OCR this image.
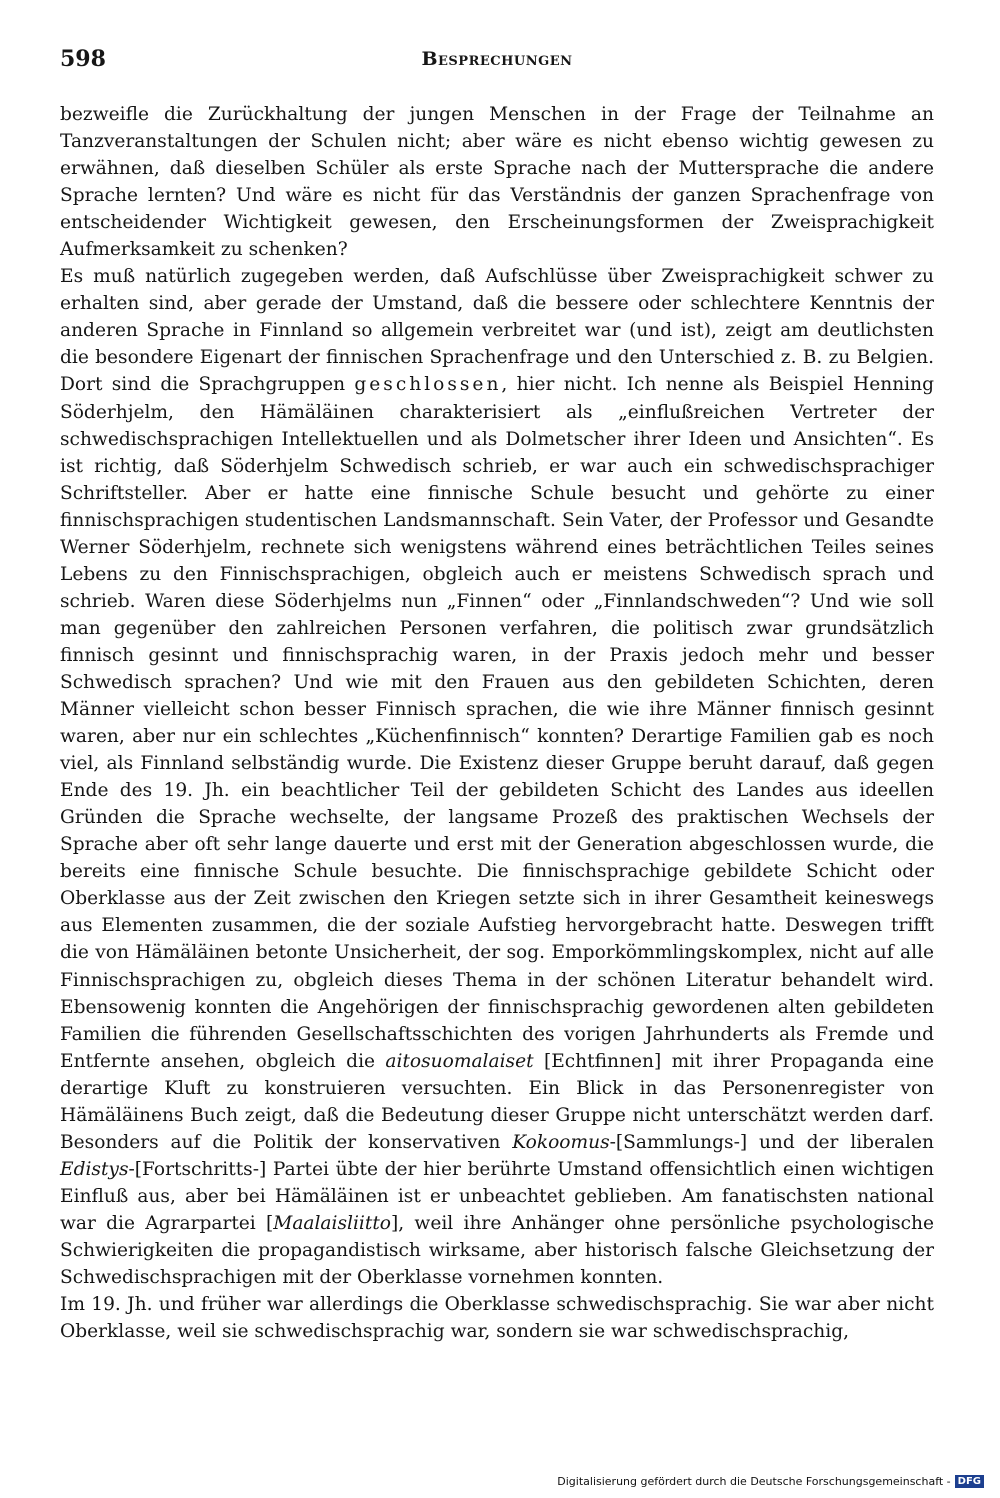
598	Besprechungen

bezweifle die Zurückhaltung der jungen Menschen in der Frage der Teilnahme an Tanzveranstaltungen der Schulen nicht; aber wäre es nicht ebenso wichtig gewesen zu erwähnen, daß dieselben Schüler als erste Sprache nach der Muttersprache die andere Sprache lernten? Und wäre es nicht für das Verständnis der ganzen Sprachenfrage von entscheidender Wichtigkeit gewesen, den Erscheinungsformen der Zweisprachigkeit Aufmerksamkeit zu schenken?

Es muß natürlich zugegeben werden, daß Aufschlüsse über Zweisprachigkeit schwer zu erhalten sind, aber gerade der Umstand, daß die bessere oder schlechtere Kenntnis der anderen Sprache in Finnland so allgemein verbreitet war (und ist), zeigt am deutlichsten die besondere Eigenart der finnischen Sprachenfrage und den Unterschied z. B. zu Belgien. Dort sind die Sprachgruppen geschlossen, hier nicht. Ich nenne als Beispiel Henning Söderhjelm, den Hämäläinen charakterisiert als „einflußreichen Vertreter der schwedischsprachigen Intellektuellen und als Dolmetscher ihrer Ideen und Ansichten“. Es ist richtig, daß Söderhjelm Schwedisch schrieb, er war auch ein schwedischsprachiger Schriftsteller. Aber er hatte eine finnische Schule besucht und gehörte zu einer finnischsprachigen studentischen Landsmannschaft. Sein Vater, der Professor und Gesandte Werner Söderhjelm, rechnete sich wenigstens während eines beträchtlichen Teiles seines Lebens zu den Finnischsprachigen, obgleich auch er meistens Schwedisch sprach und schrieb. Waren diese Söderhjelms nun „Finnen“ oder „Finnlandschweden“? Und wie soll man gegenüber den zahlreichen Personen verfahren, die politisch zwar grundsätzlich finnisch gesinnt und finnischsprachig waren, in der Praxis jedoch mehr und besser Schwedisch sprachen? Und wie mit den Frauen aus den gebildeten Schichten, deren Männer vielleicht schon besser Finnisch sprachen, die wie ihre Männer finnisch gesinnt waren, aber nur ein schlechtes „Küchenfinnisch“ konnten? Derartige Familien gab es noch viel, als Finnland selbständig wurde. Die Existenz dieser Gruppe beruht darauf, daß gegen Ende des 19. Jh. ein beachtlicher Teil der gebildeten Schicht des Landes aus ideellen Gründen die Sprache wechselte, der langsame Prozeß des praktischen Wechsels der Sprache aber oft sehr lange dauerte und erst mit der Generation abgeschlossen wurde, die bereits eine finnische Schule besuchte. Die finnischsprachige gebildete Schicht oder Oberklasse aus der Zeit zwischen den Kriegen setzte sich in ihrer Gesamtheit keineswegs aus Elementen zusammen, die der soziale Aufstieg hervorgebracht hatte. Deswegen trifft die von Hämäläinen betonte Unsicherheit, der sog. Emporkömmlingskomplex, nicht auf alle Finnischsprachigen zu, obgleich dieses Thema in der schönen Literatur behandelt wird. Ebensowenig konnten die Angehörigen der finnischsprachig gewordenen alten gebildeten Familien die führenden Gesellschaftsschichten des vorigen Jahrhunderts als Fremde und Entfernte ansehen, obgleich die aitosuomalaiset [Echtfinnen] mit ihrer Propaganda eine derartige Kluft zu konstruieren versuchten. Ein Blick in das Personenregister von Hämäläinens Buch zeigt, daß die Bedeutung dieser Gruppe nicht unterschätzt werden darf. Besonders auf die Politik der konservativen Kokoomus-[Sammlungs-] und der liberalen Edistys-[Fortschritts-] Partei übte der hier berührte Umstand offensichtlich einen wichtigen Einfluß aus, aber bei Hämäläinen ist er unbeachtet geblieben. Am fanatischsten national war die Agrarpartei [Maalaisliitto], weil ihre Anhänger ohne persönliche psychologische Schwierigkeiten die propagandistisch wirksame, aber historisch falsche Gleichsetzung der Schwedischsprachigen mit der Oberklasse vornehmen konnten.

Im 19. Jh. und früher war allerdings die Oberklasse schwedischsprachig. Sie war aber nicht Oberklasse, weil sie schwedischsprachig war, sondern sie war schwedischsprachig,

Digitalisierung gefördert durch die Deutsche Forschungsgemeinschaft - DFG
